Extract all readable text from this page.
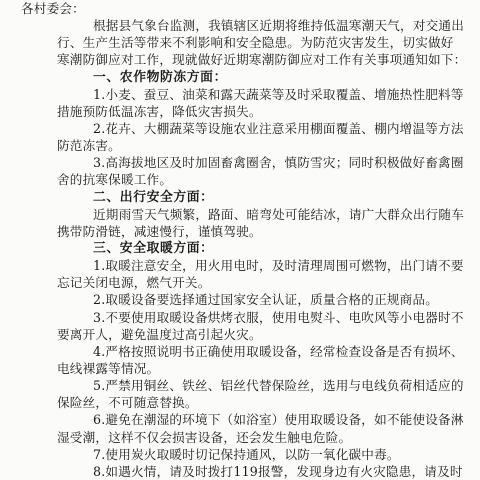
各村委会：
根据县气象台监测，我镇辖区近期将维持低温寒潮天气，对交通出
行、生产生活等带来不利影响和安全隐患。为防范灾害发生，切实做好
寒潮防御应对工作，现就做好近期寒潮防御应对工作有关事项通知如下：
一、农作物防冻方面：
1.小麦、蚕豆、油菜和露天蔬菜等及时采取覆盖、增施热性肥料等
措施预防低温冻害，降低灾害损失。
2.花卉、大棚蔬菜等设施农业注意采用棚面覆盖、棚内增温等方法
防范冻害。
3.高海拔地区及时加固畜禽圈舍，慎防雪灾；同时积极做好畜禽圈
舍的抗寒保暖工作。
二、出行安全方面：
近期雨雪天气频繁，路面、暗弯处可能结冰，请广大群众出行随车
携带防滑链，减速慢行，谨慎驾驶。
三、安全取暖方面：
1.取暖注意安全，用火用电时，及时清理周围可燃物，出门请不要
忘记关闭电源，燃气开关。
2.取暖设备要选择通过国家安全认证，质量合格的正规商品。
3.不要使用取暖设备烘烤衣服，使用电熨斗、电吹风等小电器时不
要离开人，避免温度过高引起火灾。
4.严格按照说明书正确使用取暖设备，经常检查设备是否有损坏、
电线裸露等情况。
5.严禁用铜丝、铁丝、铝丝代替保险丝，选用与电线负荷相适应的
保险丝，不可随意替换。
6.避免在潮湿的环境下（如浴室）使用取暖设备，如不能使设备淋
湿受潮，这样不仅会损害设备，还会发生触电危险。
7.使用炭火取暖时切记保持通风，以防一氧化碳中毒。
8.如遇火情，请及时拨打119报警，发现身边有火灾隐患，请及时
